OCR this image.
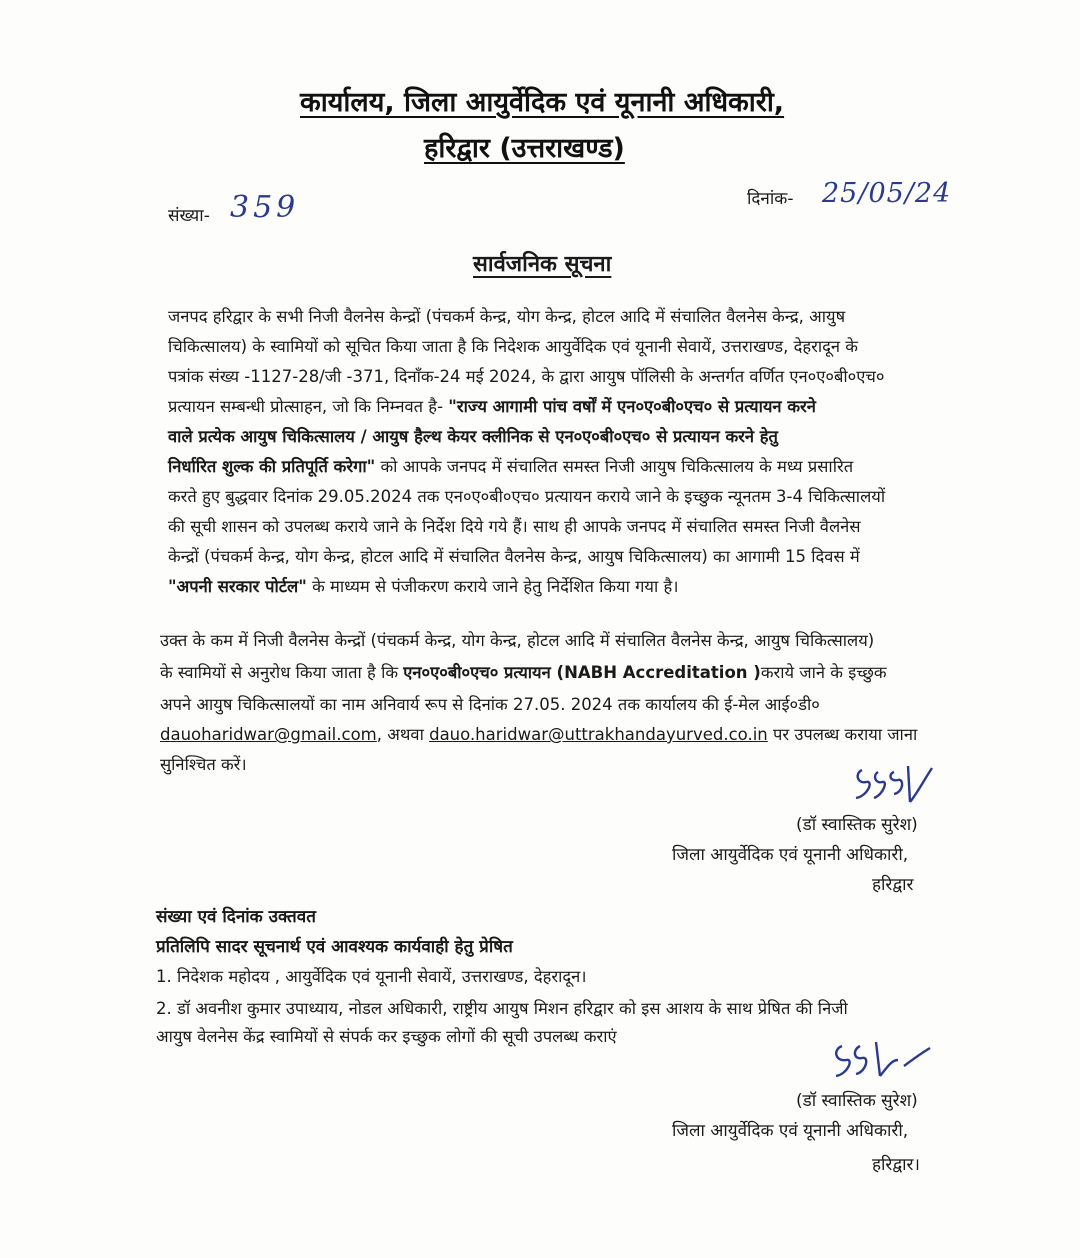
कार्यालय, जिला आयुर्वेदिक एवं यूनानी अधिकारी,
हरिद्वार (उत्तराखण्ड)
संख्या- 359	दिनांक- 25/05/24
सार्वजनिक सूचना
जनपद हरिद्वार के सभी निजी वैलनेस केन्द्रों (पंचकर्म केन्द्र, योग केन्द्र, होटल आदि में संचालित वैलनेस केन्द्र, आयुष
चिकित्सालय) के स्वामियों को सूचित किया जाता है कि निदेशक आयुर्वेदिक एवं यूनानी सेवायें, उत्तराखण्ड, देहरादून के
पत्रांक संख्य -1127-28/जी -371, दिनाँक-24 मई 2024, के द्वारा आयुष पॉलिसी के अन्तर्गत वर्णित एन०ए०बी०एच०
प्रत्यायन सम्बन्धी प्रोत्साहन, जो कि निम्नवत है- "राज्य आगामी पांच वर्षों में एन०ए०बी०एच० से प्रत्यायन करने
वाले प्रत्येक आयुष चिकित्सालय / आयुष हैल्थ केयर क्लीनिक से एन०ए०बी०एच० से प्रत्यायन करने हेतु
निर्धारित शुल्क की प्रतिपूर्ति करेगा" को आपके जनपद में संचालित समस्त निजी आयुष चिकित्सालय के मध्य प्रसारित
करते हुए बुद्धवार दिनांक 29.05.2024 तक एन०ए०बी०एच० प्रत्यायन कराये जाने के इच्छुक न्यूनतम 3-4 चिकित्सालयों
की सूची शासन को उपलब्ध कराये जाने के निर्देश दिये गये हैं। साथ ही आपके जनपद में संचालित समस्त निजी वैलनेस
केन्द्रों (पंचकर्म केन्द्र, योग केन्द्र, होटल आदि में संचालित वैलनेस केन्द्र, आयुष चिकित्सालय) का आगामी 15 दिवस में
"अपनी सरकार पोर्टल" के माध्यम से पंजीकरण कराये जाने हेतु निर्देशित किया गया है।
उक्त के कम में निजी वैलनेस केन्द्रों (पंचकर्म केन्द्र, योग केन्द्र, होटल आदि में संचालित वैलनेस केन्द्र, आयुष चिकित्सालय)
के स्वामियों से अनुरोध किया जाता है कि एन०ए०बी०एच० प्रत्यायन (NABH Accreditation )कराये जाने के इच्छुक
अपने आयुष चिकित्सालयों का नाम अनिवार्य रूप से दिनांक 27.05. 2024 तक कार्यालय की ई-मेल आई०डी०
dauoharidwar@gmail.com, अथवा dauo.haridwar@uttrakhandayurved.co.in पर उपलब्ध कराया जाना
सुनिश्चित करें।
(डॉ स्वास्तिक सुरेश)
जिला आयुर्वेदिक एवं यूनानी अधिकारी,
हरिद्वार
संख्या एवं दिनांक उक्तवत
प्रतिलिपि सादर सूचनार्थ एवं आवश्यक कार्यवाही हेतु प्रेषित
1. निदेशक महोदय , आयुर्वेदिक एवं यूनानी सेवायें, उत्तराखण्ड, देहरादून।
2. डॉ अवनीश कुमार उपाध्याय, नोडल अधिकारी, राष्ट्रीय आयुष मिशन हरिद्वार को इस आशय के साथ प्रेषित की निजी
आयुष वेलनेस केंद्र स्वामियों से संपर्क कर इच्छुक लोगों की सूची उपलब्ध कराएं
(डॉ स्वास्तिक सुरेश)
जिला आयुर्वेदिक एवं यूनानी अधिकारी,
हरिद्वार।
